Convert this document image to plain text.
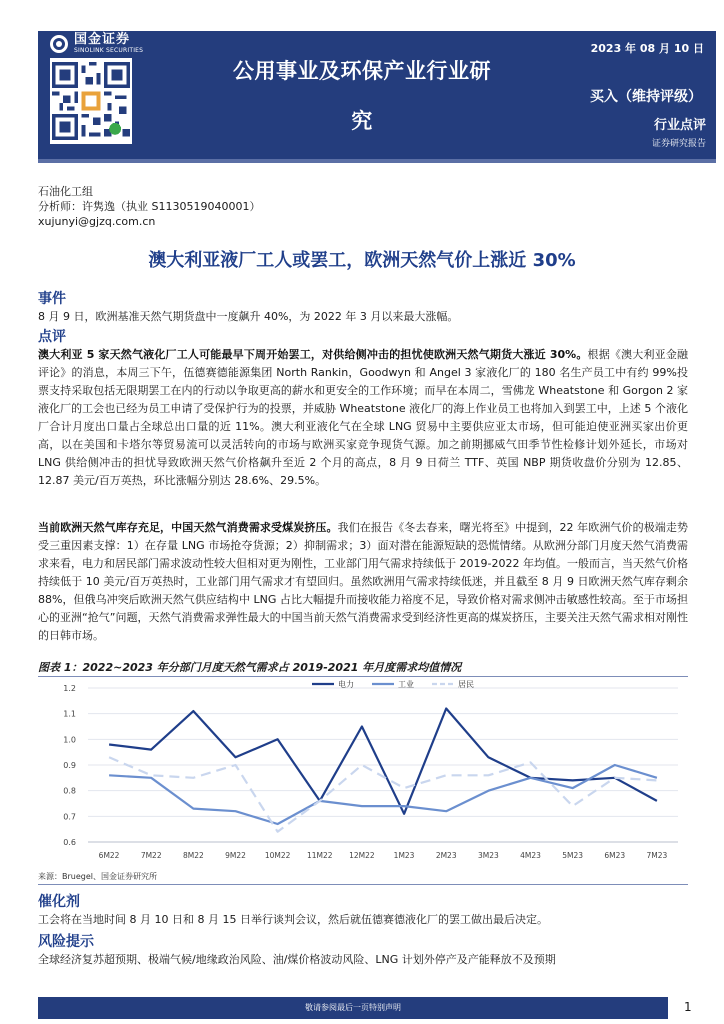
国金证券
SINOLINK SECURITIES
公用事业及环保产业行业研
究
2023 年 08 月 10 日
买入（维持评级）
行业点评
证券研究报告
石油化工组
分析师：许隽逸（执业 S1130519040001）
xujunyi@gjzq.com.cn
澳大利亚液厂工人或罢工，欧洲天然气价上涨近 30%
事件
8 月 9 日，欧洲基准天然气期货盘中一度飙升 40%，为 2022 年 3 月以来最大涨幅。
点评
澳大利亚 5 家天然气液化厂工人可能最早下周开始罢工，对供给侧冲击的担忧使欧洲天然气期货大涨近 30%。根据《澳大利亚金融评论》的消息，本周三下午，伍德赛德能源集团 North Rankin，Goodwyn 和 Angel 3 家液化厂的 180 名生产员工中有约 99%投票支持采取包括无限期罢工在内的行动以争取更高的薪水和更安全的工作环境；而早在本周二，雪佛龙 Wheatstone 和 Gorgon 2 家液化厂的工会也已经为员工申请了受保护行为的投票，并威胁 Wheatstone 液化厂的海上作业员工也将加入到罢工中，上述 5 个液化厂合计月度出口量占全球总出口量的近 11%。澳大利亚液化气在全球 LNG 贸易中主要供应亚太市场，但可能迫使亚洲买家出价更高，以在美国和卡塔尔等贸易流可以灵活转向的市场与欧洲买家竞争现货气源。加之前期挪威气田季节性检修计划外延长，市场对 LNG 供给侧冲击的担忧导致欧洲天然气价格飙升至近 2 个月的高点，8 月 9 日荷兰 TTF、英国 NBP 期货收盘价分别为 12.85、12.87 美元/百万英热，环比涨幅分别达 28.6%、29.5%。
当前欧洲天然气库存充足，中国天然气消费需求受煤炭挤压。我们在报告《冬去春来，曙光将至》中提到，22 年欧洲气价的极端走势受三重因素支撑：1）在存量 LNG 市场抢夺货源；2）抑制需求；3）面对潜在能源短缺的恐慌情绪。从欧洲分部门月度天然气消费需求来看，电力和居民部门需求波动性较大但相对更为刚性，工业部门用气需求持续低于 2019-2022 年均值。一般而言，当天然气价格持续低于 10 美元/百万英热时，工业部门用气需求才有望回归。虽然欧洲用气需求持续低迷，并且截至 8 月 9 日欧洲天然气库存剩余 88%，但俄乌冲突后欧洲天然气供应结构中 LNG 占比大幅提升而接收能力裕度不足，导致价格对需求侧冲击敏感性较高。至于市场担心的亚洲“抢气”问题，天然气消费需求弹性最大的中国当前天然气消费需求受到经济性更高的煤炭挤压，主要关注天然气需求相对刚性的日韩市场。
图表 1：2022~2023 年分部门月度天然气需求占 2019-2021 年月度需求均值情况
0.6
0.7
0.8
0.9
1.0
1.1
1.2
6M22	7M22	8M22	9M22	10M22 11M22 12M22	1M23	2M23	3M23	4M23	5M23	6M23	7M23
电力	工业	居民
来源：Bruegel、国金证券研究所
催化剂
工会将在当地时间 8 月 10 日和 8 月 15 日举行谈判会议，然后就伍德赛德液化厂的罢工做出最后决定。
风险提示
全球经济复苏超预期、极端气候/地缘政治风险、油/煤价格波动风险、LNG 计划外停产及产能释放不及预期
敬请参阅最后一页特别声明	1
